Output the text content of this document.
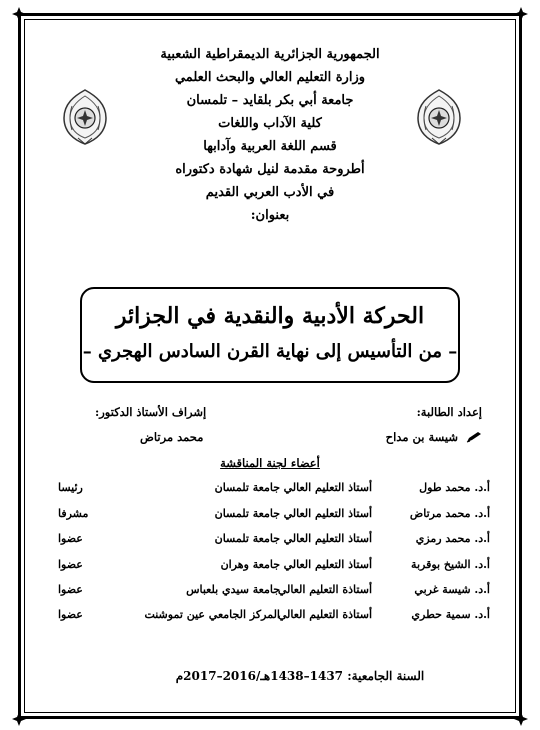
الجمهورية الجزائرية الديمقراطية الشعبية
وزارة التعليم العالي والبحث العلمي
جامعة أبي بكر بلقايد – تلمسان
كلية الآداب واللغات
قسم اللغة العربية وآدابها
أطروحة مقدمة لنيل شهادة دكتوراه
في الأدب العربي القديم
بعنوان:
الحركة الأدبية والنقدية في الجزائر
– من التأسيس إلى نهاية القرن السادس الهجري –
إعداد الطالبة:
إشراف الأستاذ الدكتور:
شيسة بن مداح
محمد مرتاض
أعضاء لجنة المناقشة
أ.د. محمد طول
أستاذ التعليم العالي
جامعة تلمسان
رئيسا
أ.د. محمد مرتاض
أستاذ التعليم العالي
جامعة تلمسان
مشرفا
أ.د. محمد رمزي
أستاذ التعليم العالي
جامعة تلمسان
عضوا
أ.د. الشيخ بوقربة
أستاذ التعليم العالي
جامعة وهران
عضوا
أ.د. شيسة غربي
أستاذة التعليم العالي
جامعة سيدي بلعباس
عضوا
أ.د. سمية حطري
أستاذة التعليم العالي
المركز الجامعي عين تموشنت
عضوا
السنة الجامعية: 1437–1438هـ/2016–2017م
